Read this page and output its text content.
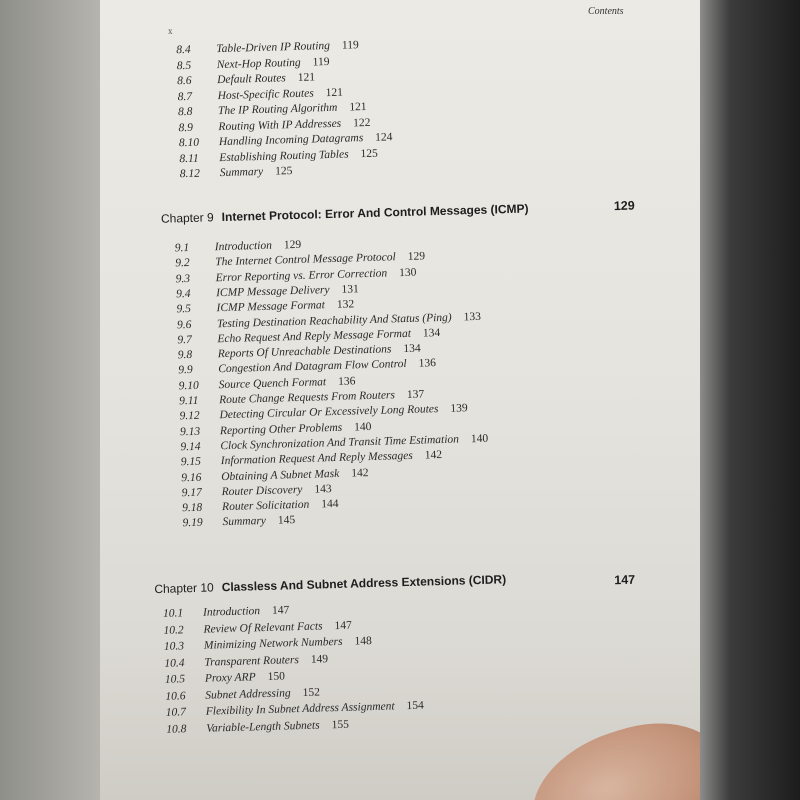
Contents
x
8.4	Table-Driven IP Routing 119
8.5	Next-Hop Routing 119
8.6	Default Routes 121
8.7	Host-Specific Routes 121
8.8	The IP Routing Algorithm 121
8.9	Routing With IP Addresses 122
8.10	Handling Incoming Datagrams 124
8.11	Establishing Routing Tables 125
8.12	Summary 125
Chapter 9 Internet Protocol: Error And Control Messages (ICMP)	129
9.1	Introduction 129
9.2	The Internet Control Message Protocol 129
9.3	Error Reporting vs. Error Correction 130
9.4	ICMP Message Delivery 131
9.5	ICMP Message Format 132
9.6	Testing Destination Reachability And Status (Ping) 133
9.7	Echo Request And Reply Message Format 134
9.8	Reports Of Unreachable Destinations 134
9.9	Congestion And Datagram Flow Control 136
9.10	Source Quench Format 136
9.11	Route Change Requests From Routers 137
9.12	Detecting Circular Or Excessively Long Routes 139
9.13	Reporting Other Problems 140
9.14	Clock Synchronization And Transit Time Estimation 140
9.15	Information Request And Reply Messages 142
9.16	Obtaining A Subnet Mask 142
9.17	Router Discovery 143
9.18	Router Solicitation 144
9.19	Summary 145
Chapter 10 Classless And Subnet Address Extensions (CIDR)	147
10.1	Introduction 147
10.2	Review Of Relevant Facts 147
10.3	Minimizing Network Numbers 148
10.4	Transparent Routers 149
10.5	Proxy ARP 150
10.6	Subnet Addressing 152
10.7	Flexibility In Subnet Address Assignment 154
10.8	Variable-Length Subnets 155
